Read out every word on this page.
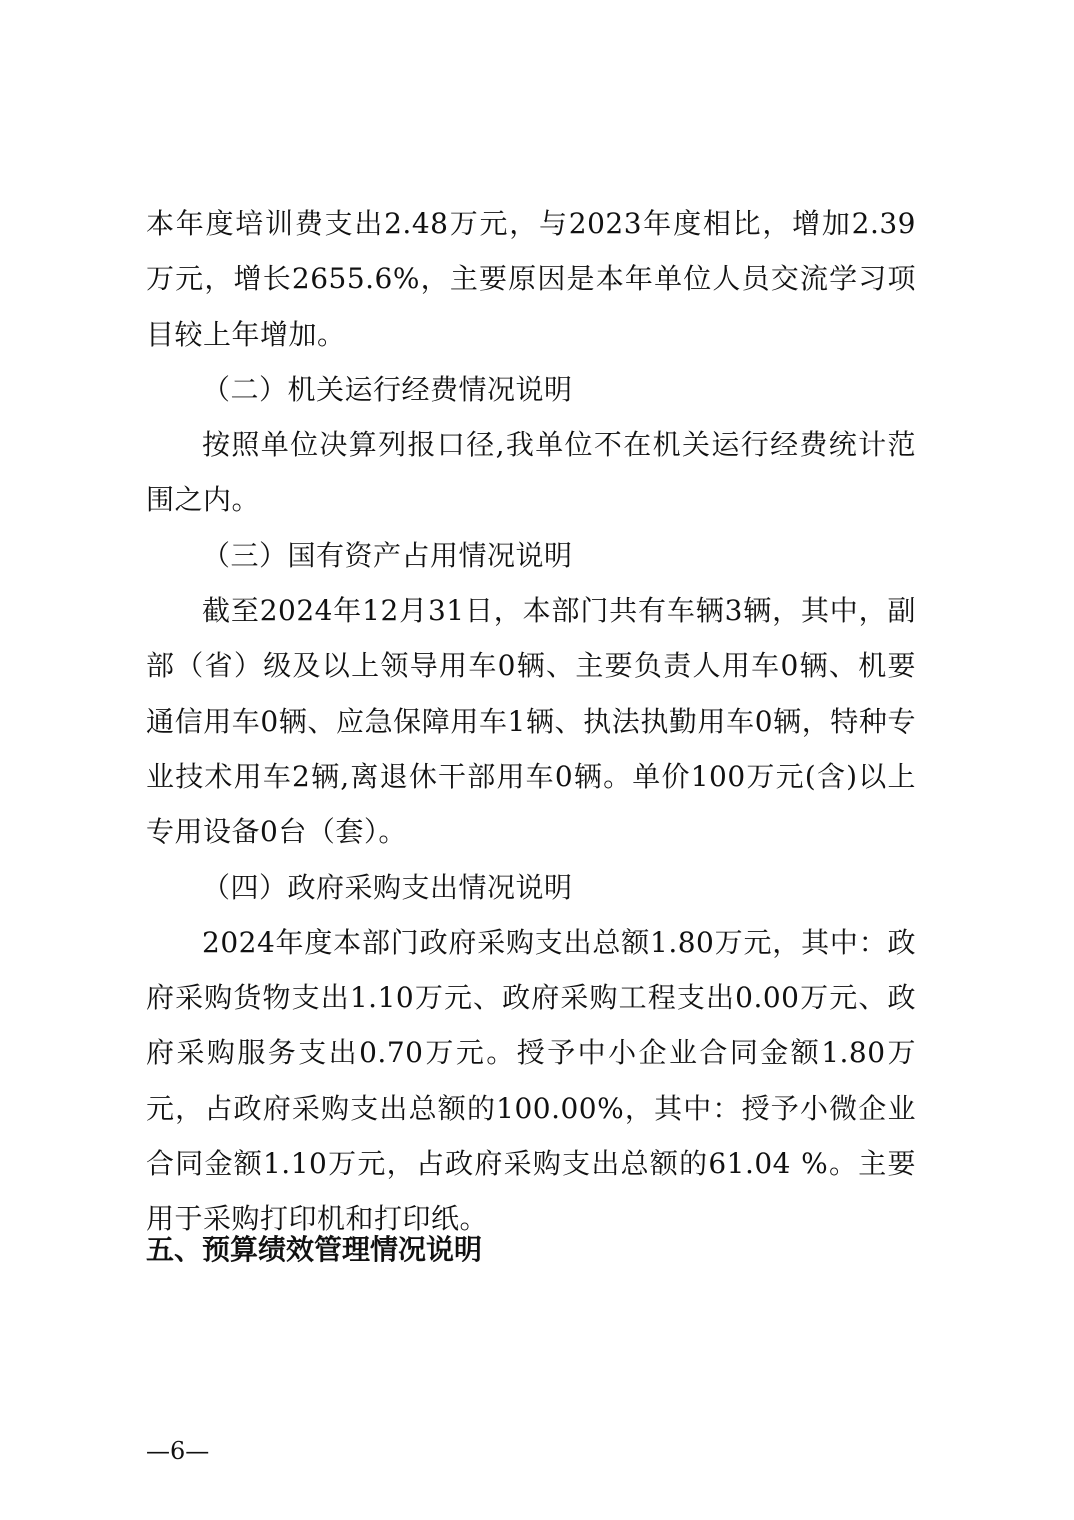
本年度培训费支出2.48万元，与2023年度相比，增加2.39万元，增长2655.6%，主要原因是本年单位人员交流学习项目较上年增加。

（二）机关运行经费情况说明

按照单位决算列报口径,我单位不在机关运行经费统计范围之内。

（三）国有资产占用情况说明

截至2024年12月31日，本部门共有车辆3辆，其中，副部（省）级及以上领导用车0辆、主要负责人用车0辆、机要通信用车0辆、应急保障用车1辆、执法执勤用车0辆，特种专业技术用车2辆,离退休干部用车0辆。单价100万元(含)以上专用设备0台（套）。

（四）政府采购支出情况说明

2024年度本部门政府采购支出总额1.80万元，其中：政府采购货物支出1.10万元、政府采购工程支出0.00万元、政府采购服务支出0.70万元。授予中小企业合同金额1.80万元，占政府采购支出总额的100.00%，其中：授予小微企业合同金额1.10万元，占政府采购支出总额的61.04 %。主要用于采购打印机和打印纸。

五、预算绩效管理情况说明

—6—
